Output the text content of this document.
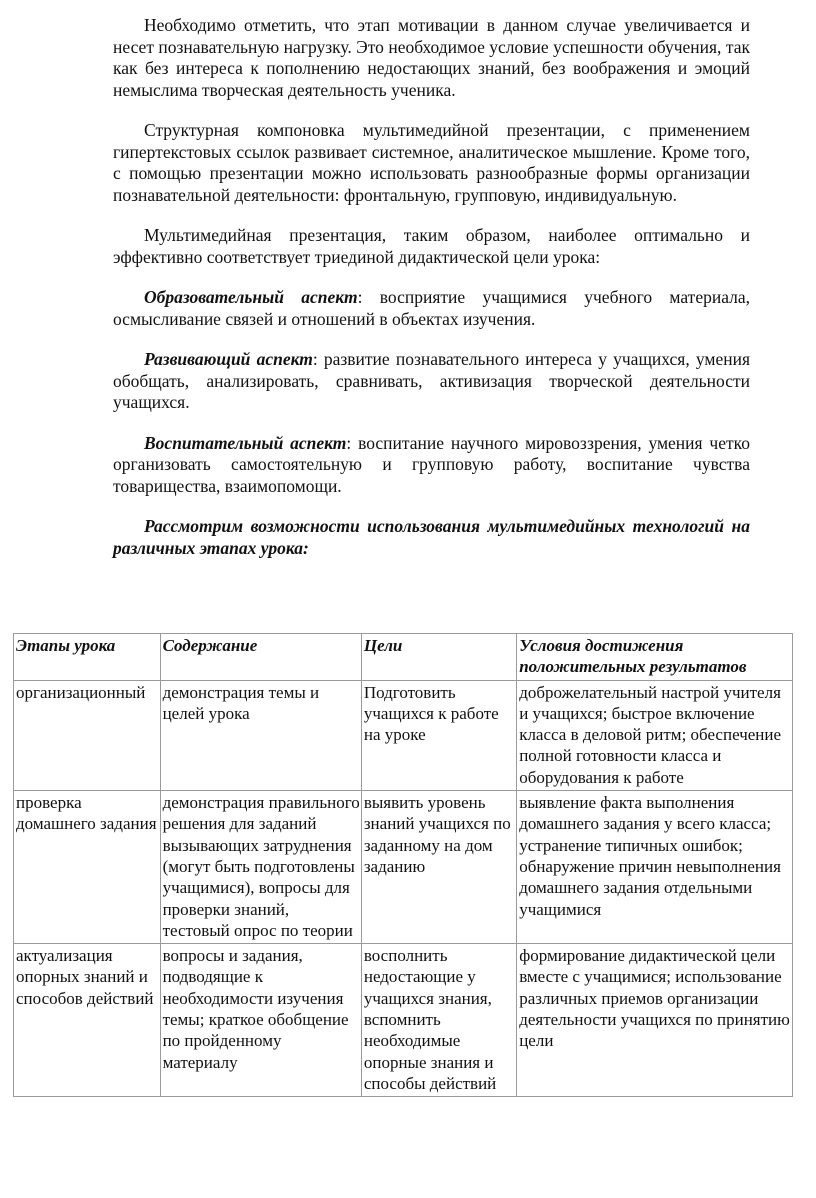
Необходимо отметить, что этап мотивации в данном случае увеличивается и несет познавательную нагрузку. Это необходимое условие успешности обучения, так как без интереса к пополнению недостающих знаний, без воображения и эмоций немыслима творческая деятельность ученика.

Структурная компоновка мультимедийной презентации, с применением гипертекстовых ссылок развивает системное, аналитическое мышление. Кроме того, с помощью презентации можно использовать разнообразные формы организации познавательной деятельности: фронтальную, групповую, индивидуальную.

Мультимедийная презентация, таким образом, наиболее оптимально и эффективно соответствует триединой дидактической цели урока:

Образовательный аспект: восприятие учащимися учебного материала, осмысливание связей и отношений в объектах изучения.

Развивающий аспект: развитие познавательного интереса у учащихся, умения обобщать, анализировать, сравнивать, активизация творческой деятельности учащихся.

Воспитательный аспект: воспитание научного мировоззрения, умения четко организовать самостоятельную и групповую работу, воспитание чувства товарищества, взаимопомощи.

Рассмотрим возможности использования мультимедийных технологий на различных этапах урока:

Этапы урока	Содержание	Цели	Условия достижения положительных результатов
организационный	демонстрация темы и целей урока	Подготовить учащихся к работе на уроке	доброжелательный настрой учителя и учащихся; быстрое включение класса в деловой ритм; обеспечение полной готовности класса и оборудования к работе
проверка домашнего задания	демонстрация правильного решения для заданий вызывающих затруднения (могут быть подготовлены учащимися), вопросы для проверки знаний, тестовый опрос по теории	выявить уровень знаний учащихся по заданному на дом заданию	выявление факта выполнения домашнего задания у всего класса; устранение типичных ошибок; обнаружение причин невыполнения домашнего задания отдельными учащимися
актуализация опорных знаний и способов действий	вопросы и задания, подводящие к необходимости изучения темы; краткое обобщение по пройденному материалу	восполнить недостающие у учащихся знания, вспомнить необходимые опорные знания и способы действий	формирование дидактической цели вместе с учащимися; использование различных приемов организации деятельности учащихся по принятию цели
